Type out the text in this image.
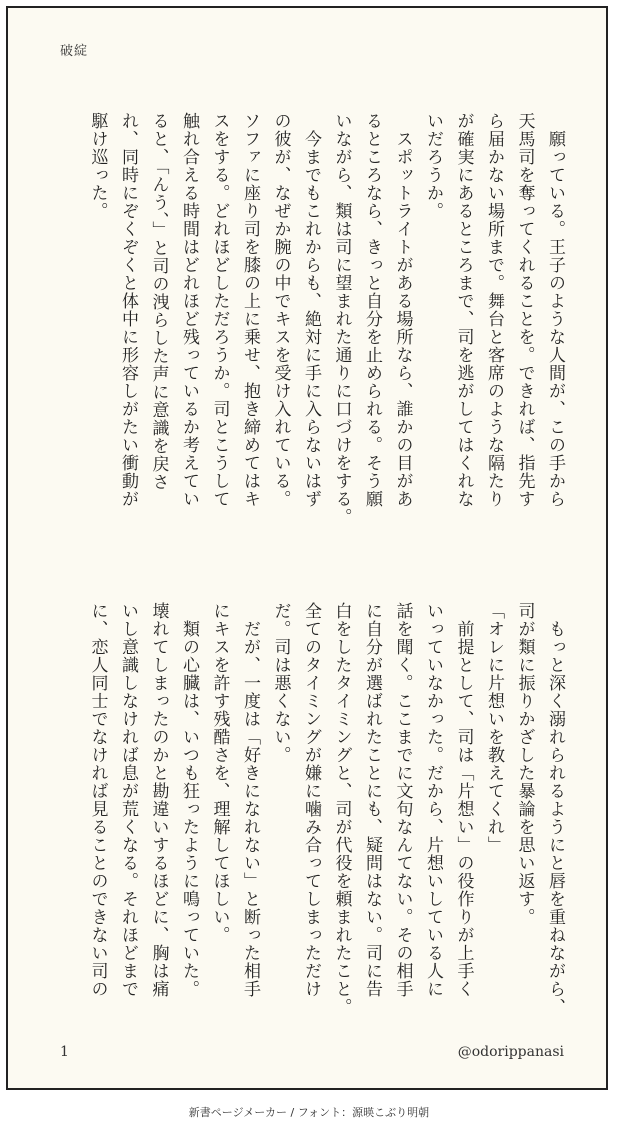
破綻
　願っている。王子のような人間が、この手から
天馬司を奪ってくれることを。できれば、指先す
ら届かない場所まで。舞台と客席のような隔たり
が確実にあるところまで、司を逃がしてはくれな
いだろうか。
　スポットライトがある場所なら、誰かの目があ
るところなら、きっと自分を止められる。そう願
いながら、類は司に望まれた通りに口づけをする。
　今までもこれからも、絶対に手に入らないはず
の彼が、なぜか腕の中でキスを受け入れている。
ソファに座り司を膝の上に乗せ、抱き締めてはキ
スをする。どれほどしただろうか。司とこうして
触れ合える時間はどれほど残っているか考えてい
ると、「んう、」と司の洩らした声に意識を戻さ
れ、同時にぞくぞくと体中に形容しがたい衝動が
駆け巡った。
　もっと深く溺れられるようにと唇を重ねながら、
司が類に振りかざした暴論を思い返す。
「オレに片想いを教えてくれ」
　前提として、司は「片想い」の役作りが上手く
いっていなかった。だから、片想いしている人に
話を聞く。ここまでに文句なんてない。その相手
に自分が選ばれたことにも、疑問はない。司に告
白をしたタイミングと、司が代役を頼まれたこと。
全てのタイミングが嫌に噛み合ってしまっただけ
だ。司は悪くない。
　だが、一度は「好きになれない」と断った相手
にキスを許す残酷さを、理解してほしい。
　類の心臓は、いつも狂ったように鳴っていた。
壊れてしまったのかと勘違いするほどに、胸は痛
いし意識しなければ息が荒くなる。それほどまで
に、恋人同士でなければ見ることのできない司の
1	@odorippanasi
新書ページメーカー / フォント：源暎こぶり明朝
